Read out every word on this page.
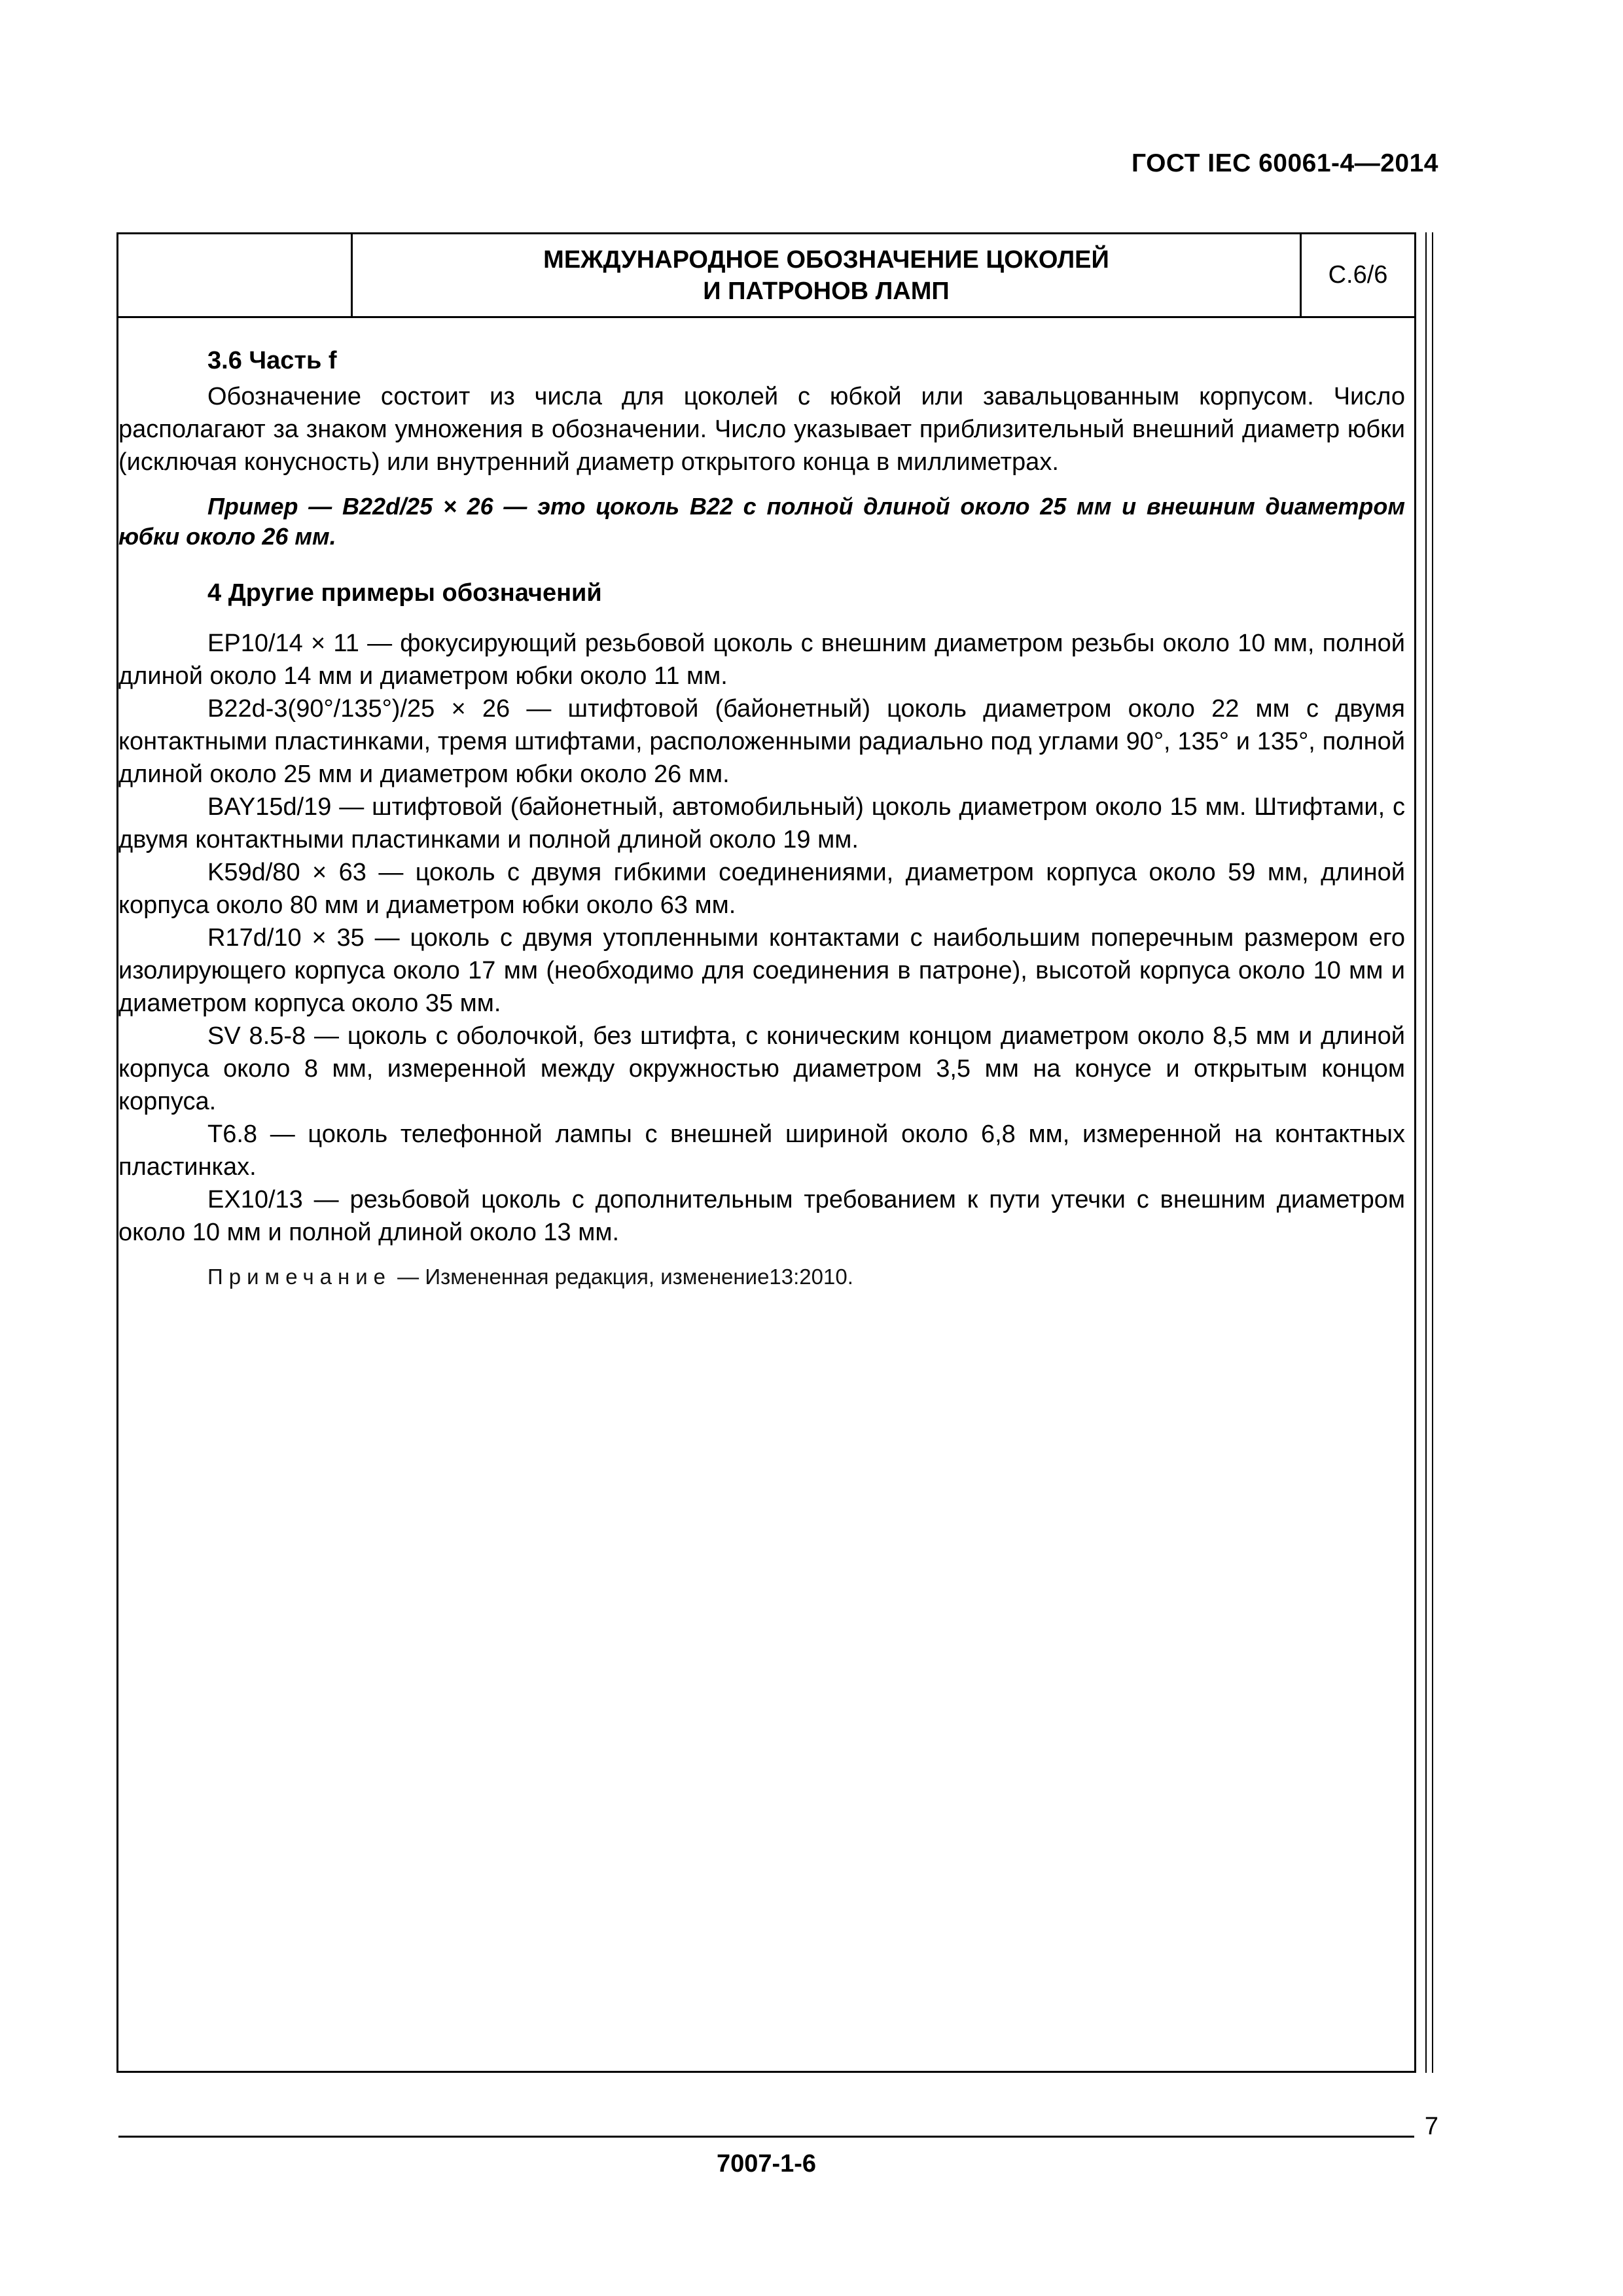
ГОСТ IEC 60061-4—2014
МЕЖДУНАРОДНОЕ ОБОЗНАЧЕНИЕ ЦОКОЛЕЙ
И ПАТРОНОВ ЛАМП
С.6/6
3.6 Часть f

Обозначение состоит из числа для цоколей с юбкой или завальцованным корпусом. Число располагают за знаком умножения в обозначении. Число указывает приблизительный внешний диаметр юбки (исключая конусность) или внутренний диаметр открытого конца в миллиметрах.

Пример — B22d/25 × 26 — это цоколь B22 с полной длиной около 25 мм и внешним диаметром юбки около 26 мм.

4 Другие примеры обозначений

EP10/14 × 11 — фокусирующий резьбовой цоколь с внешним диаметром резьбы около 10 мм, полной длиной около 14 мм и диаметром юбки около 11 мм.

B22d-3(90°/135°)/25 × 26 — штифтовой (байонетный) цоколь диаметром около 22 мм с двумя контактными пластинками, тремя штифтами, расположенными радиально под углами 90°, 135° и 135°, полной длиной около 25 мм и диаметром юбки около 26 мм.

BAY15d/19 — штифтовой (байонетный, автомобильный) цоколь диаметром около 15 мм. Штифтами, с двумя контактными пластинками и полной длиной около 19 мм.

K59d/80 × 63 — цоколь с двумя гибкими соединениями, диаметром корпуса около 59 мм, длиной корпуса около 80 мм и диаметром юбки около 63 мм.

R17d/10 × 35 — цоколь с двумя утопленными контактами с наибольшим поперечным размером его изолирующего корпуса около 17 мм (необходимо для соединения в патроне), высотой корпуса около 10 мм и диаметром корпуса около 35 мм.

SV 8.5-8 — цоколь с оболочкой, без штифта, с коническим концом диаметром около 8,5 мм и длиной корпуса около 8 мм, измеренной между окружностью диаметром 3,5 мм на конусе и открытым концом корпуса.

T6.8 — цоколь телефонной лампы с внешней шириной около 6,8 мм, измеренной на контактных пластинках.

EX10/13 — резьбовой цоколь с дополнительным требованием к пути утечки с внешним диаметром около 10 мм и полной длиной около 13 мм.

Примечание — Измененная редакция, изменение13:2010.

7007-1-6
7
